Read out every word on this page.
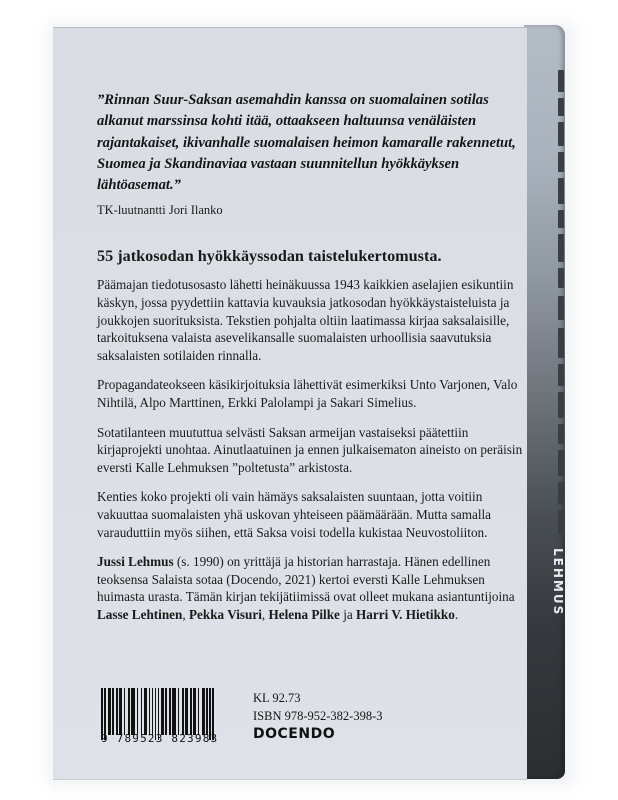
LEHMUS

”Rinnan Suur-Saksan asemahdin kanssa on suomalainen sotilas alkanut marssinsa kohti itää, ottaakseen haltuunsa venäläisten rajantakaiset, ikivanhalle suomalaisen heimon kamaralle rakennetut, Suomea ja Skandinaviaa vastaan suunnitellun hyökkäyksen lähtöasemat.”

TK-luutnantti Jori Ilanko

55 jatkosodan hyökkäyssodan taistelukertomusta.

Päämajan tiedotusosasto lähetti heinäkuussa 1943 kaikkien aselajien esikuntiin käskyn, jossa pyydettiin kattavia kuvauksia jatkosodan hyökkäystaisteluista ja joukkojen suorituksista. Tekstien pohjalta oltiin laatimassa kirjaa saksalaisille, tarkoituksena valaista asevelikansalle suomalaisten urhoollisia saavutuksia saksalaisten sotilaiden rinnalla.

Propagandateokseen käsikirjoituksia lähettivät esimerkiksi Unto Varjonen, Valo Nihtilä, Alpo Marttinen, Erkki Palolampi ja Sakari Simelius.

Sotatilanteen muututtua selvästi Saksan armeijan vastaiseksi päätettiin kirjaprojekti unohtaa. Ainutlaatuinen ja ennen julkaisematon aineisto on peräisin eversti Kalle Lehmuksen ”poltetusta” arkistosta.

Kenties koko projekti oli vain hämäys saksalaisten suuntaan, jotta voitiin vakuuttaa suomalaisten yhä uskovan yhteiseen päämäärään. Mutta samalla varauduttiin myös siihen, että Saksa voisi todella kukistaa Neuvostoliiton.

Jussi Lehmus (s. 1990) on yrittäjä ja historian harrastaja. Hänen edellinen teoksensa Salaista sotaa (Docendo, 2021) kertoi eversti Kalle Lehmuksen huimasta urasta. Tämän kirjan tekijätiimissä ovat olleet mukana asiantuntijoina Lasse Lehtinen, Pekka Visuri, Helena Pilke ja Harri V. Hietikko.

9 789523 823983
KL 92.73
ISBN 978-952-382-398-3
DOCENDO
